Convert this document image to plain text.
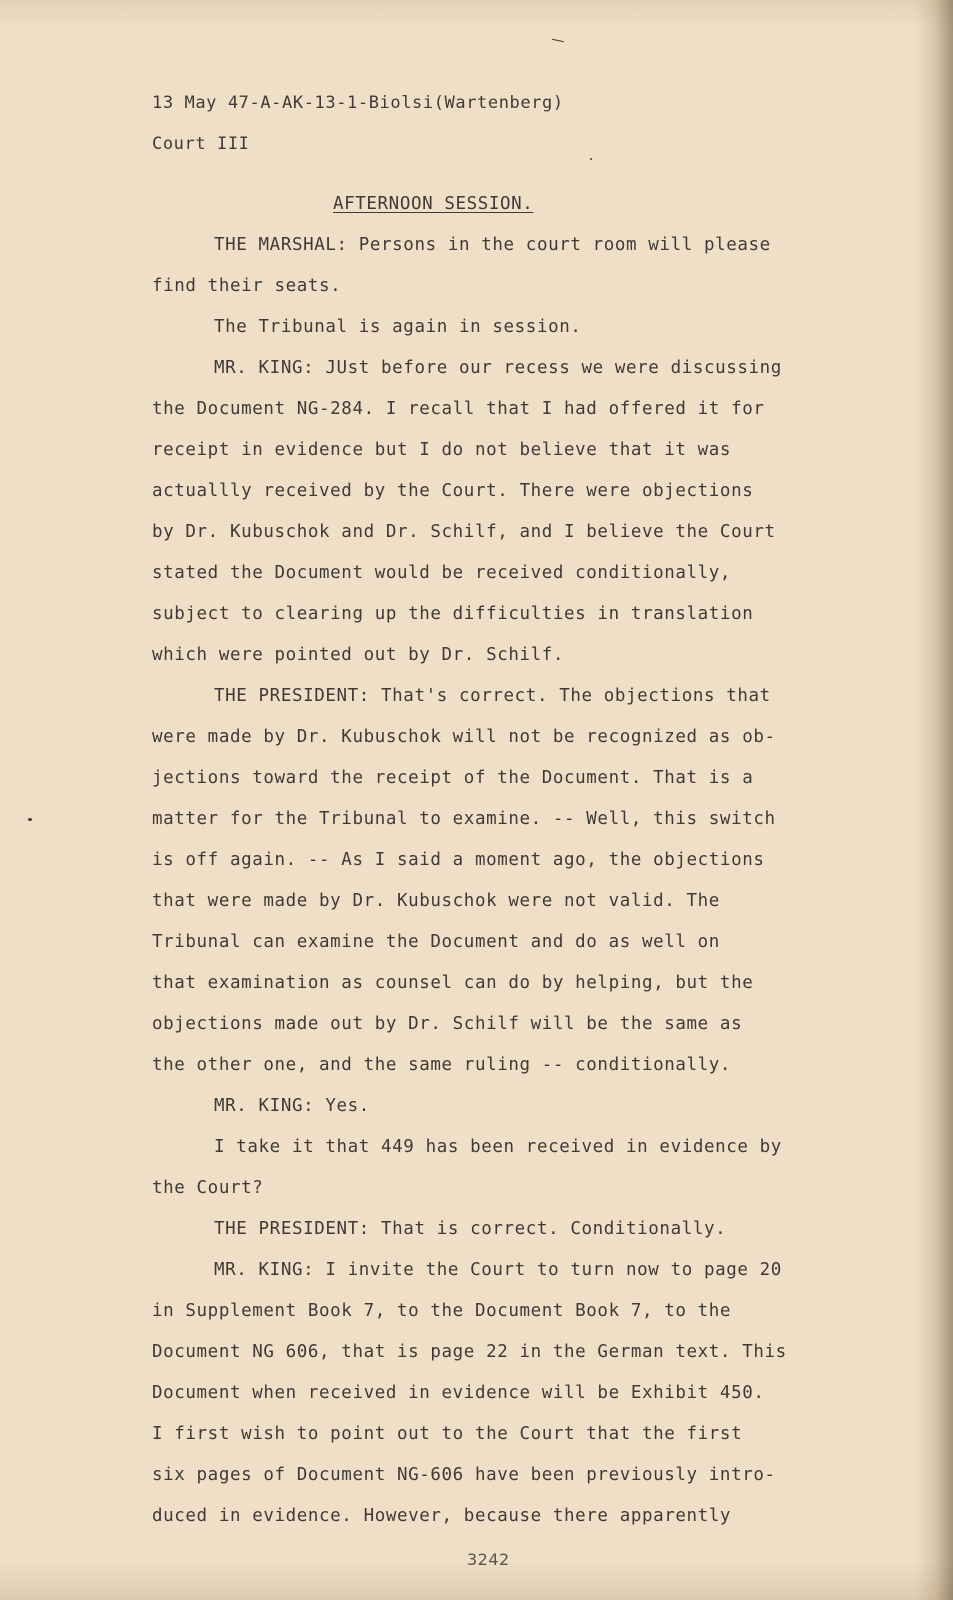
13 May 47-A-AK-13-1-Biolsi(Wartenberg)
Court III
AFTERNOON SESSION.
THE MARSHAL: Persons in the court room will please
find their seats.
The Tribunal is again in session.
MR. KING: JUst before our recess we were discussing
the Document NG-284. I recall that I had offered it for
receipt in evidence but I do not believe that it was
actuallly received by the Court. There were objections
by Dr. Kubuschok and Dr. Schilf, and I believe the Court
stated the Document would be received conditionally,
subject to clearing up the difficulties in translation
which were pointed out by Dr. Schilf.
THE PRESIDENT: That's correct. The objections that
were made by Dr. Kubuschok will not be recognized as ob-
jections toward the receipt of the Document. That is a
matter for the Tribunal to examine. -- Well, this switch
is off again. -- As I said a moment ago, the objections
that were made by Dr. Kubuschok were not valid. The
Tribunal can examine the Document and do as well on
that examination as counsel can do by helping, but the
objections made out by Dr. Schilf will be the same as
the other one, and the same ruling -- conditionally.
MR. KING: Yes.
I take it that 449 has been received in evidence by
the Court?
THE PRESIDENT: That is correct. Conditionally.
MR. KING: I invite the Court to turn now to page 20
in Supplement Book 7, to the Document Book 7, to the
Document NG 606, that is page 22 in the German text. This
Document when received in evidence will be Exhibit 450.
I first wish to point out to the Court that the first
six pages of Document NG-606 have been previously intro-
duced in evidence. However, because there apparently
3242
